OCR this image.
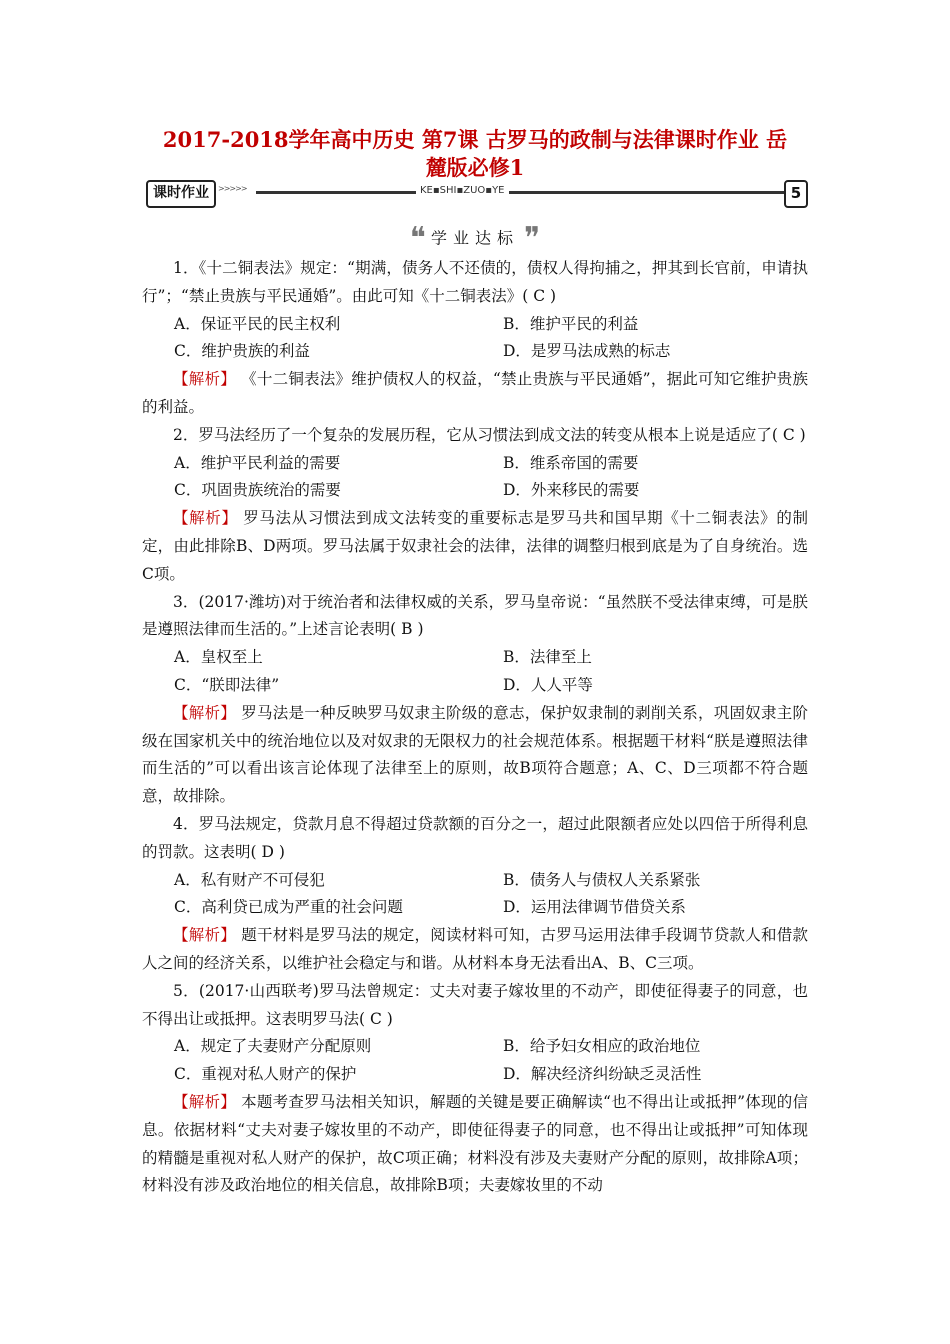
2017-2018学年高中历史 第7课 古罗马的政制与法律课时作业 岳
麓版必修1
课时作业	>>>>>	KE▪SHI▪ZUO▪YE	5
❝ 学业达标 ❞

1．《十二铜表法》规定：“期满，债务人不还债的，债权人得拘捕之，押其到长官前，申请执行”；“禁止贵族与平民通婚”。由此可知《十二铜表法》( C )

A．保证平民的民主权利	B．维护平民的利益
C．维护贵族的利益	D．是罗马法成熟的标志

【解析】 《十二铜表法》维护债权人的权益，“禁止贵族与平民通婚”，据此可知它维护贵族的利益。

2．罗马法经历了一个复杂的发展历程，它从习惯法到成文法的转变从根本上说是适应了( C )

A．维护平民利益的需要	B．维系帝国的需要
C．巩固贵族统治的需要	D．外来移民的需要

【解析】 罗马法从习惯法到成文法转变的重要标志是罗马共和国早期《十二铜表法》的制定，由此排除B、D两项。罗马法属于奴隶社会的法律，法律的调整归根到底是为了自身统治。选C项。

3．(2017·潍坊)对于统治者和法律权威的关系，罗马皇帝说：“虽然朕不受法律束缚，可是朕是遵照法律而生活的。”上述言论表明( B )

A．皇权至上	B．法律至上
C．“朕即法律”	D．人人平等

【解析】 罗马法是一种反映罗马奴隶主阶级的意志，保护奴隶制的剥削关系，巩固奴隶主阶级在国家机关中的统治地位以及对奴隶的无限权力的社会规范体系。根据题干材料“朕是遵照法律而生活的”可以看出该言论体现了法律至上的原则，故B项符合题意；A、C、D三项都不符合题意，故排除。

4．罗马法规定，贷款月息不得超过贷款额的百分之一，超过此限额者应处以四倍于所得利息的罚款。这表明( D )

A．私有财产不可侵犯	B．债务人与债权人关系紧张
C．高利贷已成为严重的社会问题	D．运用法律调节借贷关系

【解析】 题干材料是罗马法的规定，阅读材料可知，古罗马运用法律手段调节贷款人和借款人之间的经济关系，以维护社会稳定与和谐。从材料本身无法看出A、B、C三项。

5．(2017·山西联考)罗马法曾规定：丈夫对妻子嫁妆里的不动产，即使征得妻子的同意，也不得出让或抵押。这表明罗马法( C )

A．规定了夫妻财产分配原则	B．给予妇女相应的政治地位
C．重视对私人财产的保护	D．解决经济纠纷缺乏灵活性

【解析】 本题考查罗马法相关知识，解题的关键是要正确解读“也不得出让或抵押”体现的信息。依据材料“丈夫对妻子嫁妆里的不动产，即使征得妻子的同意，也不得出让或抵押”可知体现的精髓是重视对私人财产的保护，故C项正确；材料没有涉及夫妻财产分配的原则，故排除A项；材料没有涉及政治地位的相关信息，故排除B项；夫妻嫁妆里的不动
